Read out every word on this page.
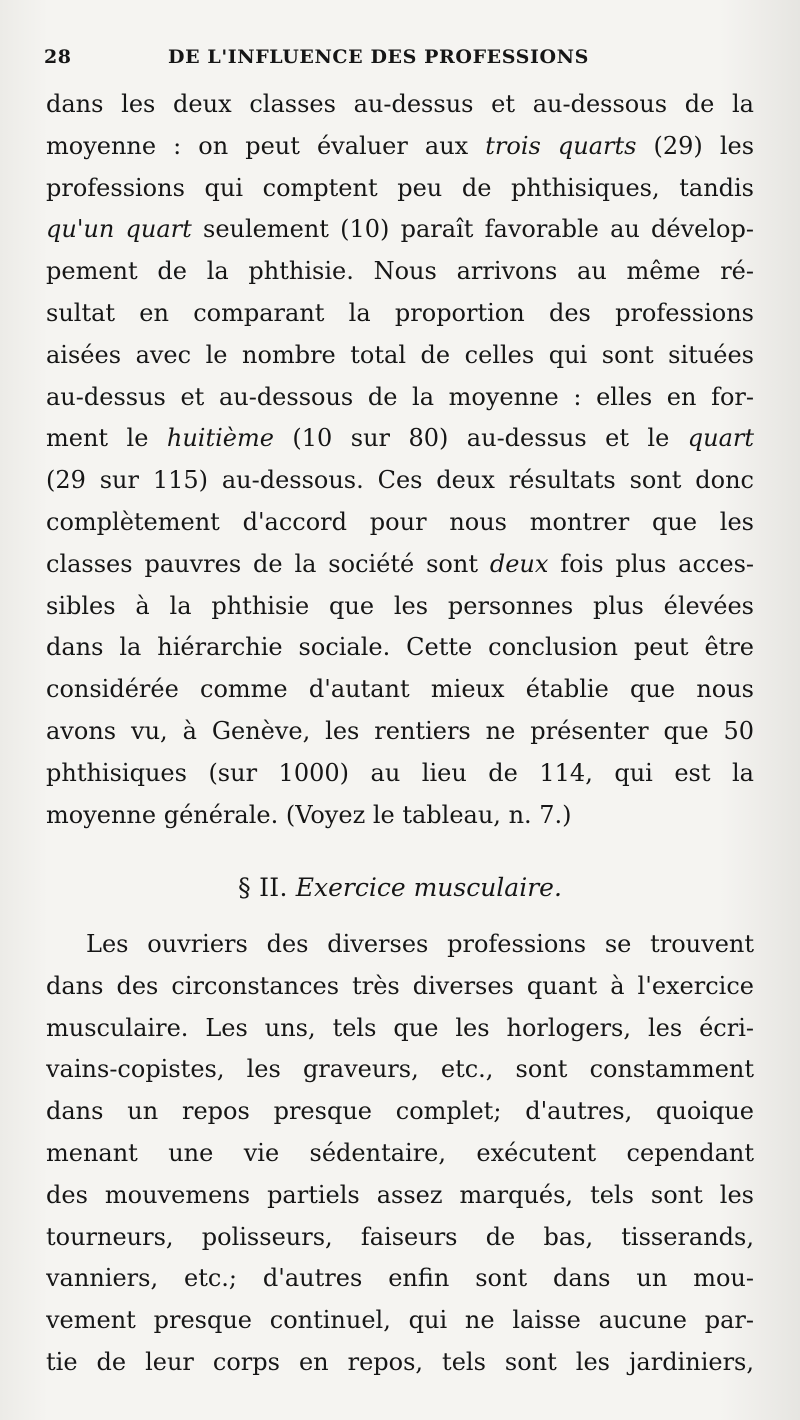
28	DE L'INFLUENCE DES PROFESSIONS
dans les deux classes au-dessus et au-dessous de la
moyenne : on peut évaluer aux trois quarts (29) les
professions qui comptent peu de phthisiques, tandis
qu'un quart seulement (10) paraît favorable au dévelop-
pement de la phthisie. Nous arrivons au même ré-
sultat en comparant la proportion des professions
aisées avec le nombre total de celles qui sont situées
au-dessus et au-dessous de la moyenne : elles en for-
ment le huitième (10 sur 80) au-dessus et le quart
(29 sur 115) au-dessous. Ces deux résultats sont donc
complètement d'accord pour nous montrer que les
classes pauvres de la société sont deux fois plus acces-
sibles à la phthisie que les personnes plus élevées
dans la hiérarchie sociale. Cette conclusion peut être
considérée comme d'autant mieux établie que nous
avons vu, à Genève, les rentiers ne présenter que 50
phthisiques (sur 1000) au lieu de 114, qui est la
moyenne générale. (Voyez le tableau, n. 7.)
§ II. Exercice musculaire.
Les ouvriers des diverses professions se trouvent
dans des circonstances très diverses quant à l'exercice
musculaire. Les uns, tels que les horlogers, les écri-
vains-copistes, les graveurs, etc., sont constamment
dans un repos presque complet; d'autres, quoique
menant une vie sédentaire, exécutent cependant
des mouvemens partiels assez marqués, tels sont les
tourneurs, polisseurs, faiseurs de bas, tisserands,
vanniers, etc.; d'autres enfin sont dans un mou-
vement presque continuel, qui ne laisse aucune par-
tie de leur corps en repos, tels sont les jardiniers,
